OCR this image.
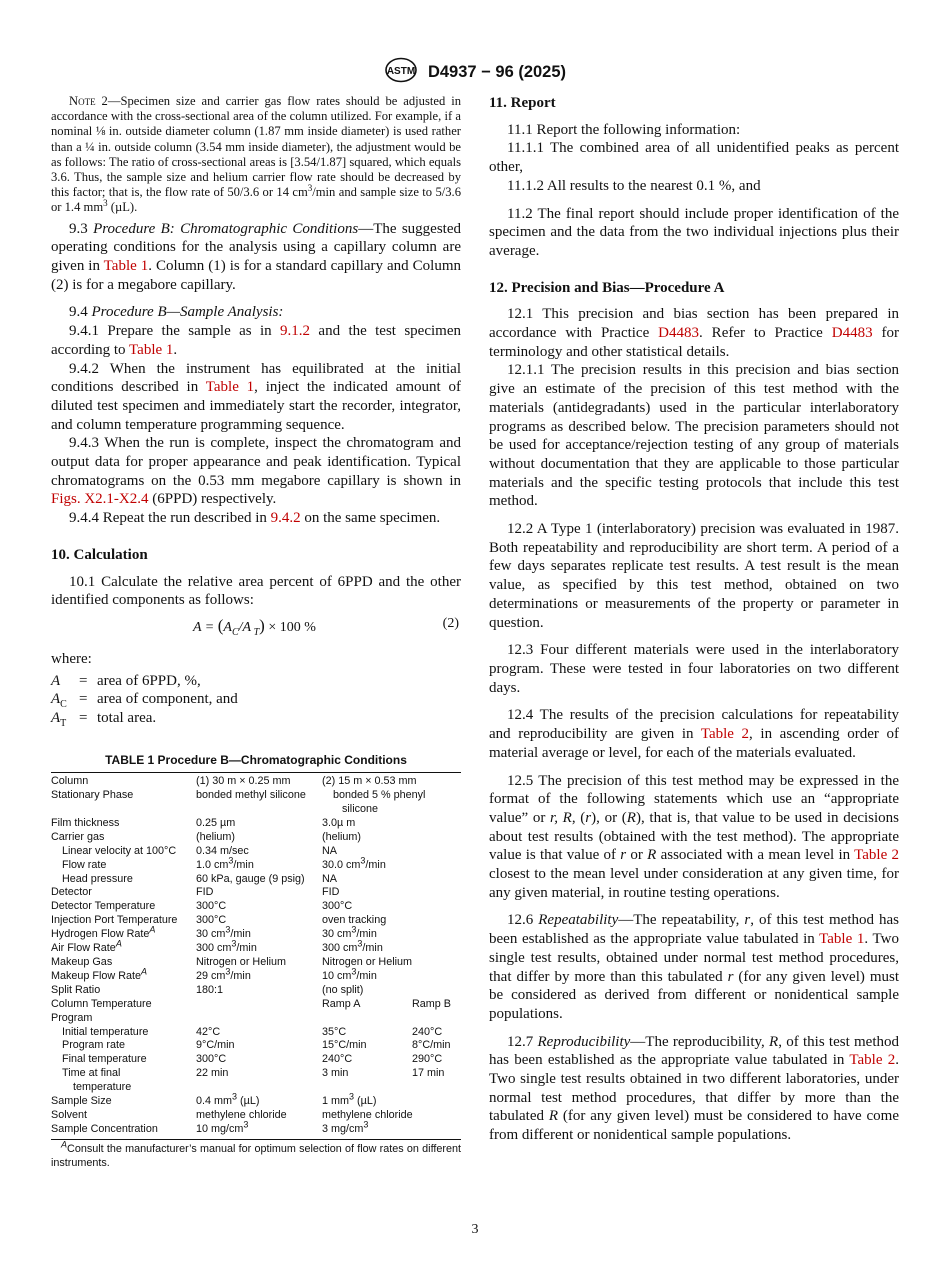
ASTM D4937 − 96 (2025)

Note 2—Specimen size and carrier gas flow rates should be adjusted in accordance with the cross-sectional area of the column utilized. For example, if a nominal ⅛ in. outside diameter column (1.87 mm inside diameter) is used rather than a ¼ in. outside column (3.54 mm inside diameter), the adjustment would be as follows: The ratio of cross-sectional areas is [3.54/1.87] squared, which equals 3.6. Thus, the sample size and helium carrier flow rate should be decreased by this factor; that is, the flow rate of 50/3.6 or 14 $cm^3/\min$ and sample size to 5/3.6 or 1.4 $mm^3$ (µL).

9.3 Procedure B: Chromatographic Conditions—The suggested operating conditions for the analysis using a capillary column are given in Table 1. Column (1) is for a standard capillary and Column (2) is for a megabore capillary.

9.4 Procedure B—Sample Analysis:

9.4.1 Prepare the sample as in 9.1.2 and the test specimen according to Table 1.

9.4.2 When the instrument has equilibrated at the initial conditions described in Table 1, inject the indicated amount of diluted test specimen and immediately start the recorder, integrator, and column temperature programming sequence.

9.4.3 When the run is complete, inspect the chromatogram and output data for proper appearance and peak identification. Typical chromatograms on the 0.53 mm megabore capillary is shown in Figs. X2.1-X2.4 (6PPD) respectively.

9.4.4 Repeat the run described in 9.4.2 on the same specimen.

10. Calculation

10.1 Calculate the relative area percent of 6PPD and the other identified components as follows:

$A = (A_C/A$ $_T$) × 100 %	(2)

where:

A	= area of 6PPD, %,
$A_C$ = area of component, and
$A_T$ = total area.
TABLE 1 Procedure B—Chromatographic Conditions
Column	(1) 30 m × 0.25 mm	(2) 15 m × 0.53 mm	
Stationary Phase	bonded methyl silicone	bonded 5 % phenyl
silicone	
Film thickness	0.25 µm	3.0µ m	
Carrier gas	(helium)	(helium)	
Linear velocity at 100°C	0.34 m/sec	NA	
Flow rate	1.0 $cm^3/\min$	30.0 $cm^3/\min$	
Head pressure	60 kPa, gauge (9 psig)	NA	
Detector	FID	FID	
Detector Temperature	300°C	300°C	
Injection Port Temperature	300°C	oven tracking	
Hydrogen Flow Rate$^A$	30 $cm^3/\min$	30 $cm^3/\min$	
Air Flow Rate$^A$	300 $cm^3/\min$	300 $cm^3/\min$	
Makeup Gas	Nitrogen or Helium	Nitrogen or Helium	
Makeup Flow Rate$^A$	29 $cm^3/\min$	10 $cm^3/\min$	
Split Ratio	180:1	(no split)	
Column Temperature
Program		Ramp A	Ramp B
Initial temperature	42°C	35°C	240°C
Program rate	9°C/min	15°C/min	8°C/min
Final temperature	300°C	240°C	290°C
Time at final
temperature	22 min	3 min	17 min
Sample Size	0.4 $mm^3$ (µL)	1 $mm^3$ (µL)	
Solvent	methylene chloride	methylene chloride	
Sample Concentration	10 $mg/cm^3$	3 $mg/cm^3$
$^A$Consult the manufacturer’s manual for optimum selection of flow rates on different instruments.

11. Report

11.1 Report the following information:

11.1.1 The combined area of all unidentified peaks as percent other,

11.1.2 All results to the nearest 0.1 %, and

11.2 The final report should include proper identification of the specimen and the data from the two individual injections plus their average.

12. Precision and Bias—Procedure A

12.1 This precision and bias section has been prepared in accordance with Practice D4483. Refer to Practice D4483 for terminology and other statistical details.

12.1.1 The precision results in this precision and bias section give an estimate of the precision of this test method with the materials (antidegradants) used in the particular interlaboratory programs as described below. The precision parameters should not be used for acceptance/rejection testing of any group of materials without documentation that they are applicable to those particular materials and the specific testing protocols that include this test method.

12.2 A Type 1 (interlaboratory) precision was evaluated in 1987. Both repeatability and reproducibility are short term. A period of a few days separates replicate test results. A test result is the mean value, as specified by this test method, obtained on two determinations or measurements of the property or parameter in question.

12.3 Four different materials were used in the interlaboratory program. These were tested in four laboratories on two different days.

12.4 The results of the precision calculations for repeatability and reproducibility are given in Table 2, in ascending order of material average or level, for each of the materials evaluated.

12.5 The precision of this test method may be expressed in the format of the following statements which use an “appropriate value” or r, R, (r), or (R), that is, that value to be used in decisions about test results (obtained with the test method). The appropriate value is that value of r or R associated with a mean level in Table 2 closest to the mean level under consideration at any given time, for any given material, in routine testing operations.

12.6 Repeatability—The repeatability, r, of this test method has been established as the appropriate value tabulated in Table 1. Two single test results, obtained under normal test method procedures, that differ by more than this tabulated r (for any given level) must be considered as derived from different or nonidentical sample populations.

12.7 Reproducibility—The reproducibility, R, of this test method has been established as the appropriate value tabulated in Table 2. Two single test results obtained in two different laboratories, under normal test method procedures, that differ by more than the tabulated R (for any given level) must be considered to have come from different or nonidentical sample populations.

3
